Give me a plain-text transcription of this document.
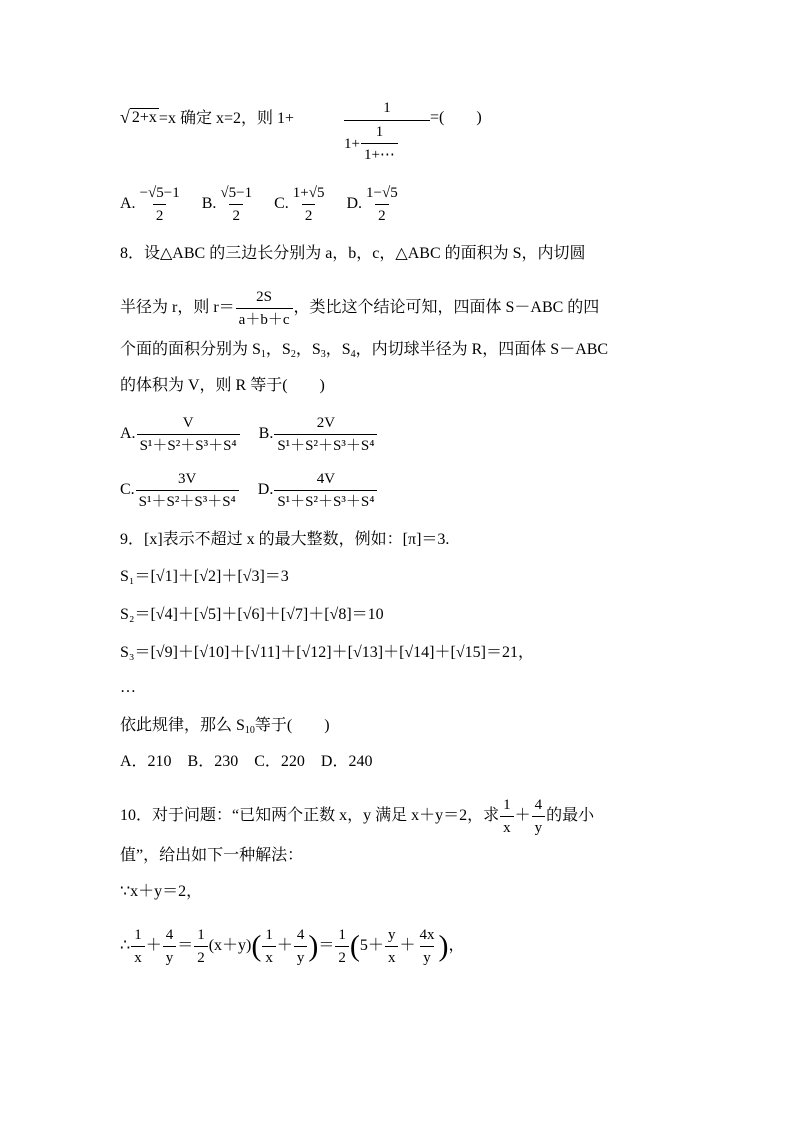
√ 2+x =x 确定 x=2，则 1+
1
$1+ \frac{1}{1+\cdots}$
=(　　)
A. $\frac{-√5-1}{2} B$. $\frac{√5-1}{2} C$. $\frac{1+√5}{2} D$. $\frac{1-√5}{2}$
8．设△ABC 的三边长分别为 a，b，c，△ABC 的面积为 S，内切圆
半径为 r，则 $r= \frac{2S}{a+b+c}$ ，类比这个结论可知，四面体 S－ABC 的四
个面的面积分别为 $S_1$，$S_2$，$S_3$，$S_4$，内切球半径为 R，四面体 S－ABC
的体积为 V，则 R 等于(　　)
A. $\frac{V}{\text{S¹＋S²＋S³＋S⁴}} B$. $\frac{2V}{\text{S¹＋S²＋S³＋S⁴}}$
C. $\frac{3V}{\text{S¹＋S²＋S³＋S⁴}} D$. $\frac{4V}{\text{S¹＋S²＋S³＋S⁴}}$
9．[x]表示不超过 x 的最大整数，例如：[π]＝3.
S₁＝[√1]＋[√2]＋[√3]＝3
S₂＝[√4]＋[√5]＋[√6]＋[√7]＋[√8]＝10
S₃＝[√9]＋[√10]＋[√11]＋[√12]＋[√13]＋[√14]＋[√15]＝21，
…
依此规律，那么 $S_{10}$等于(　　)
A．210　B．230　C．220　D．240
10．对于问题：“已知两个正数 x，y 满足 x＋y＝2，求 $\frac{1}{x} + \frac{4}{y}$ 的最小
值”，给出如下一种解法：
∵x＋y＝2，
∴ $\frac{1}{x} + \frac{4}{y} = \frac{1}{2} (x+y)( \frac{1}{x} + \frac{4}{y}$ )＝ $\frac{1}{2} (5+ \frac{y}{x} + \frac{4x}{y}$ )，
